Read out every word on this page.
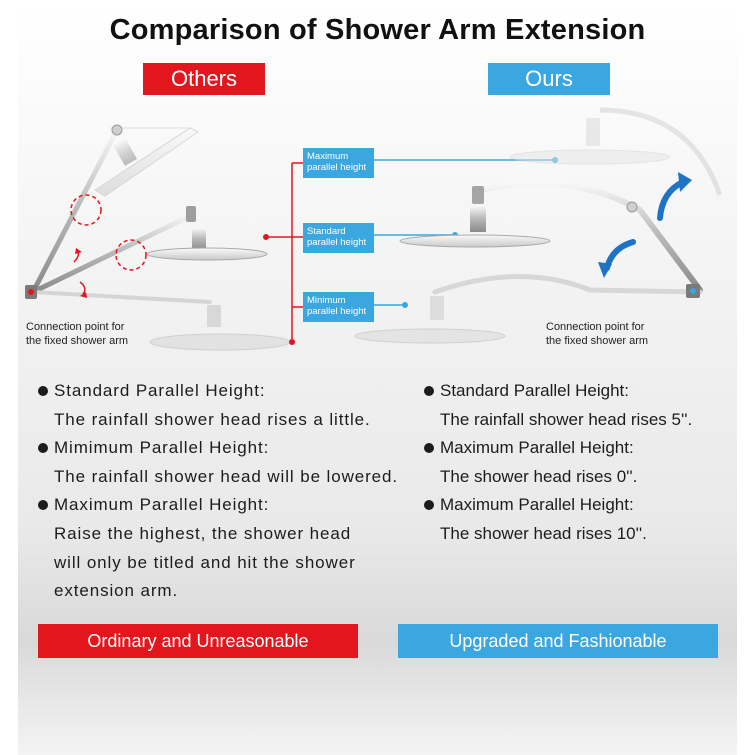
Comparison of Shower Arm Extension
Others	Ours
Maximum
parallel height
Standard
parallel height
Minimum
parallel height
Connection point for
the fixed shower arm
Connection point for
the fixed shower arm
Standard Parallel Height:
The rainfall shower head rises a little.
Mimimum Parallel Height:
The rainfall shower head will be lowered.
Maximum Parallel Height:
Raise the highest, the shower head
will only be titled and hit the shower
extension arm.
Standard Parallel Height:
The rainfall shower head rises 5''.
Maximum Parallel Height:
The shower head rises 0''.
Maximum Parallel Height:
The shower head rises 10''.
Ordinary and Unreasonable	Upgraded and Fashionable
